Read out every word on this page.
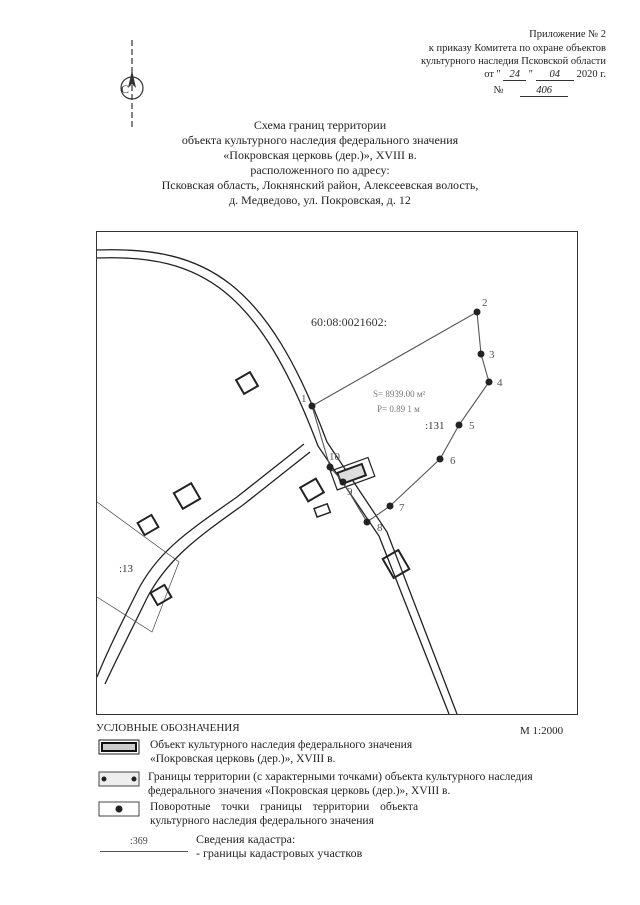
С
Приложение № 2
к приказу Комитета по охране объектов
культурного наследия Псковской области
от " 24 " 04 2020 г.
№	406
Схема границ территории
объекта культурного наследия федерального значения
«Покровская церковь (дер.)», XVIII в.
расположенного по адресу:
Псковская область, Локнянский район, Алексеевская волость,
д. Медведово, ул. Покровская, д. 12
1
2
3
4
5
6
7
8
9
10
60:08:0021602:
:131
:13
S= 8939.00 м²
P= 0.89 1 м
УСЛОВНЫЕ ОБОЗНАЧЕНИЯ	М 1:2000
Объект культурного наследия федерального значения
«Покровская церковь (дер.)», XVIII в.
Границы территории (с характерными точками) объекта культурного наследия
федерального значения «Покровская церковь (дер.)», XVIII в.
Поворотные точки границы территории объекта
культурного наследия федерального значения
:369	Сведения кадастра:
- границы кадастровых участков
